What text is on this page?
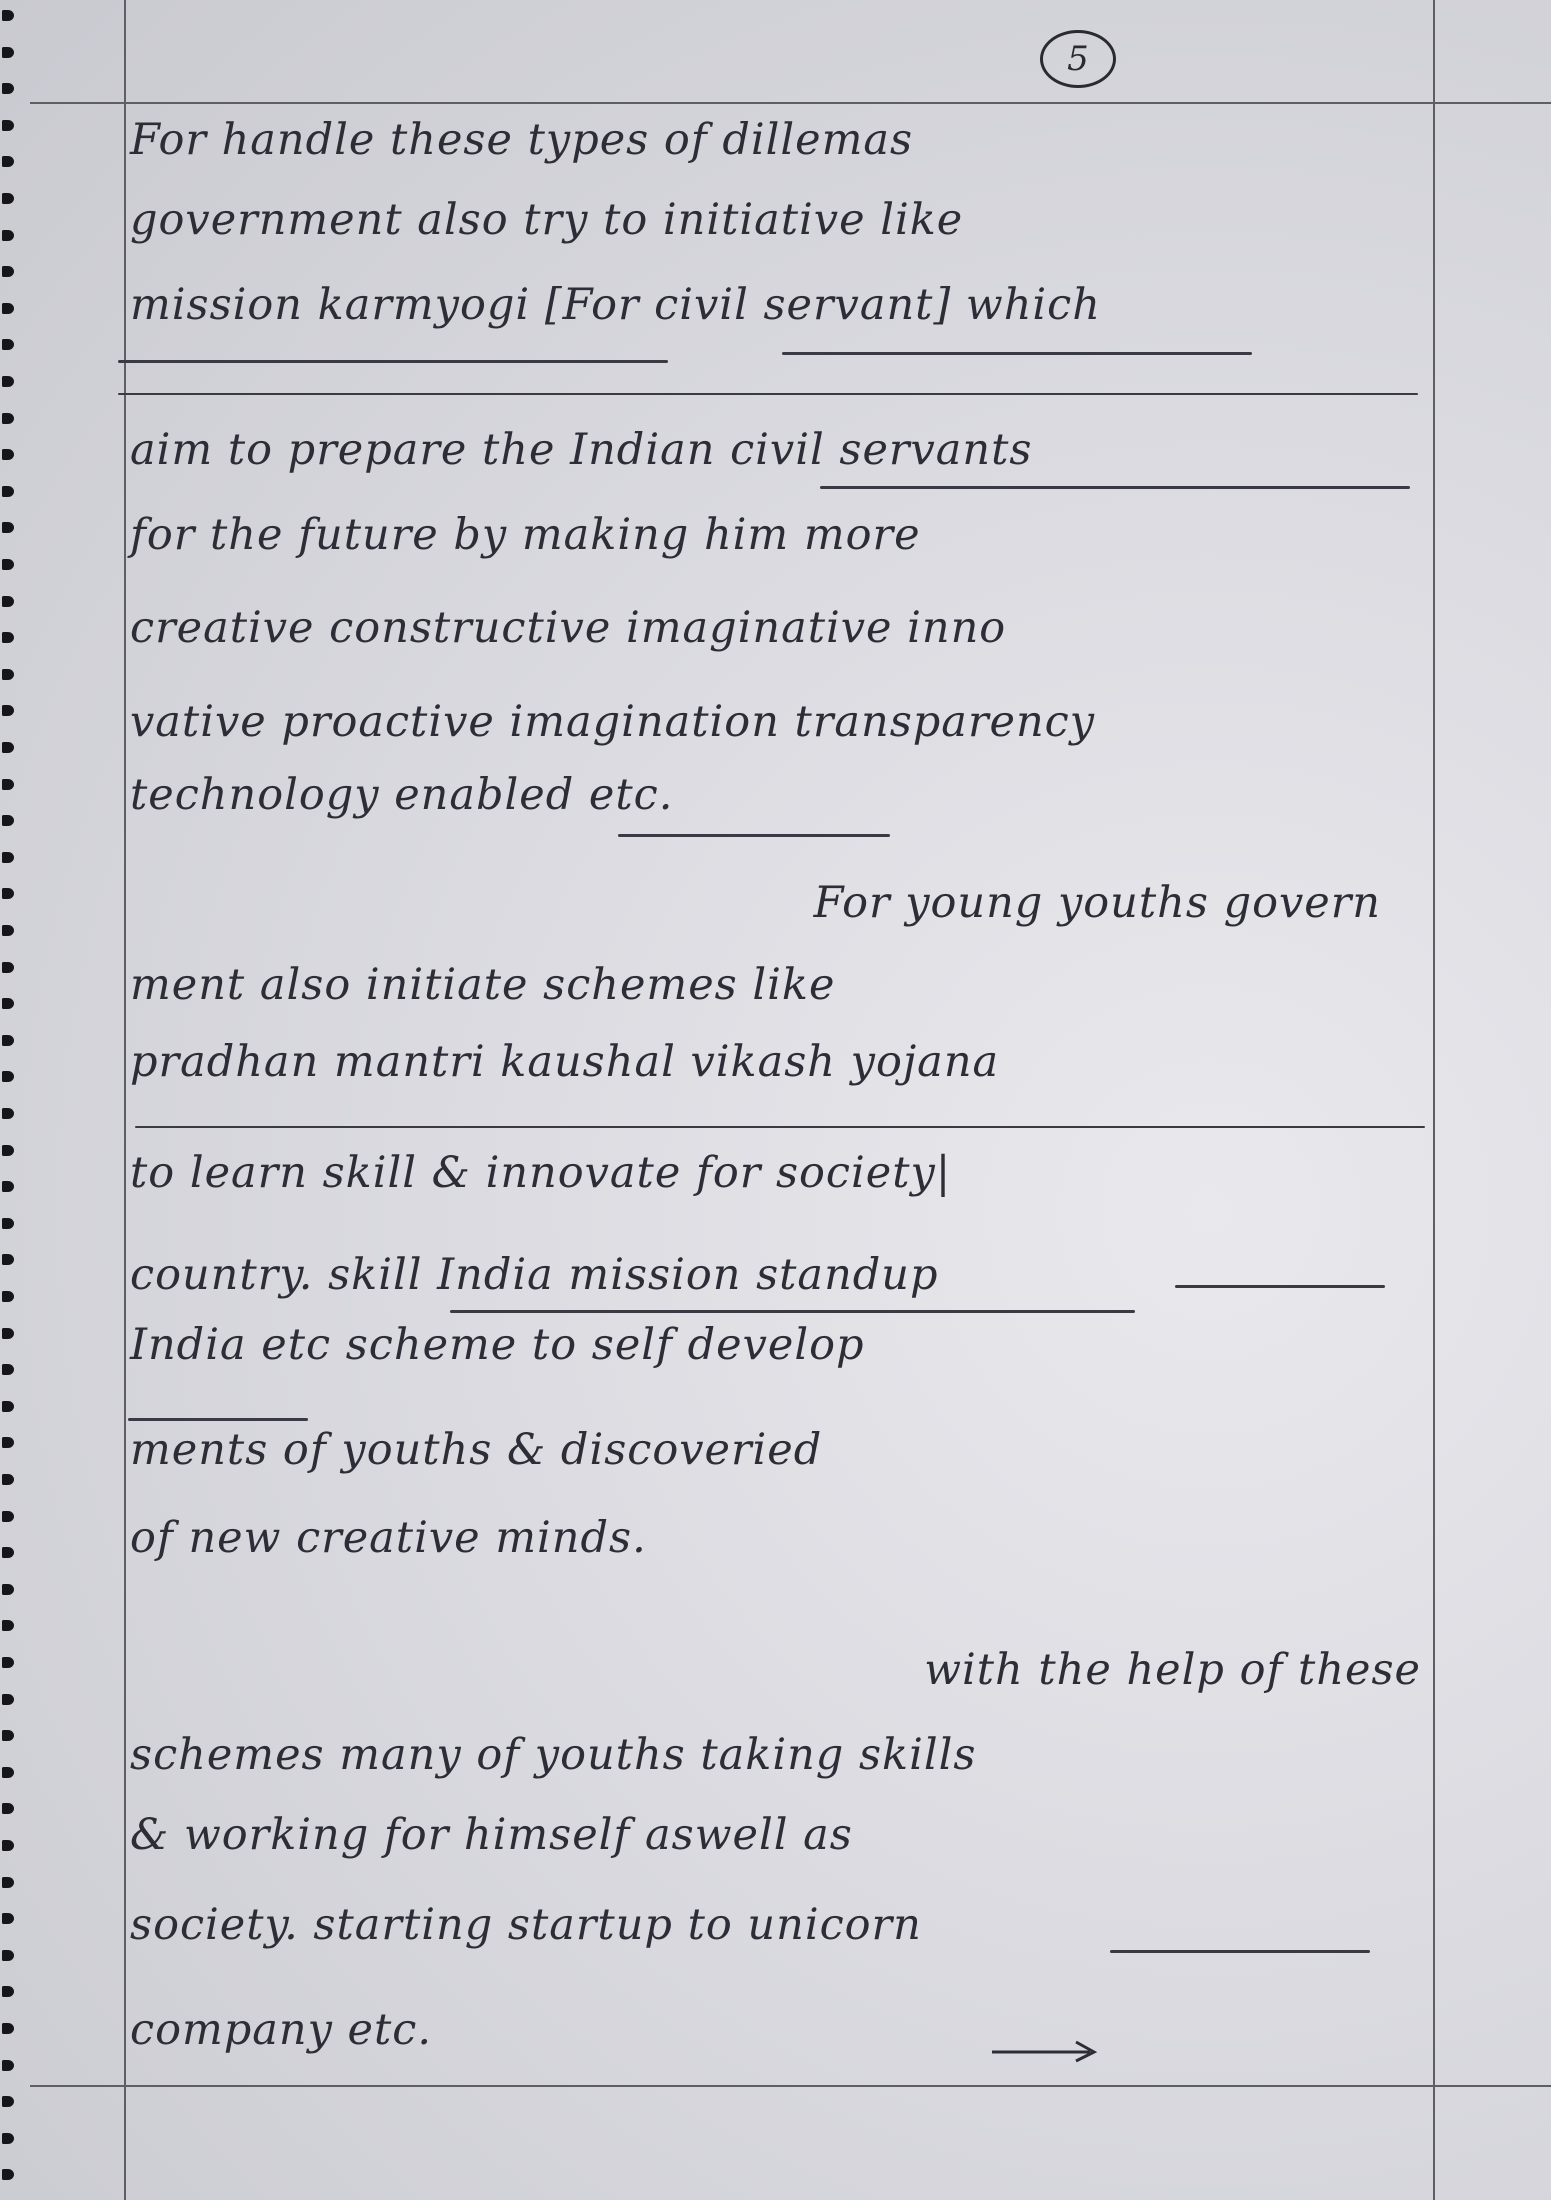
5
For handle these types of dillemas
government also try to initiative like
mission karmyogi [For civil servant] which
aim to prepare the Indian civil servants
for the future by making him more
creative constructive imaginative inno
vative proactive imagination transparency
technology enabled etc.
For young youths govern
ment also initiate schemes like
pradhan mantri kaushal vikash yojana
to learn skill & innovate for society|
country. skill India mission standup
India etc scheme to self develop
ments of youths & discoveried
of new creative minds.
with the help of these
schemes many of youths taking skills
& working for himself aswell as
society. starting startup to unicorn
company etc.
